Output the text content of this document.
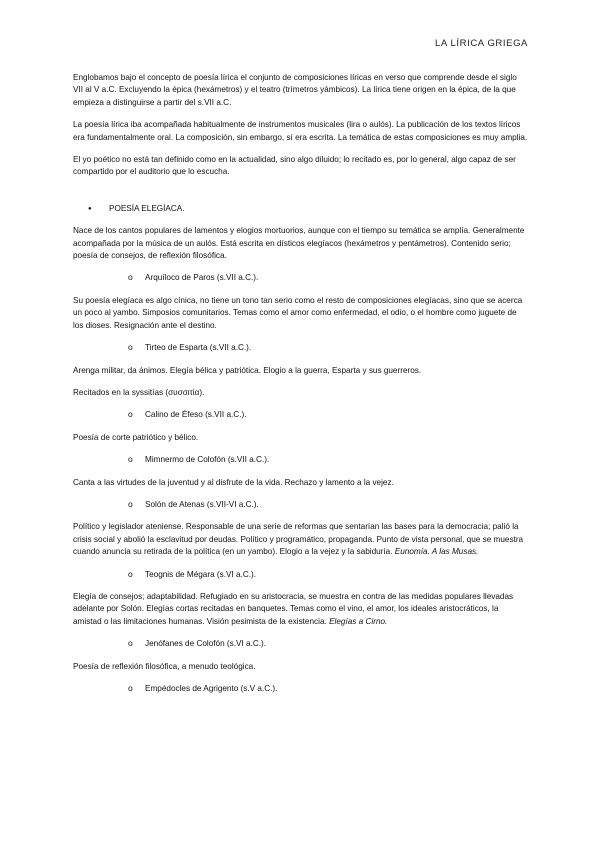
LA LÍRICA GRIEGA

Englobamos bajo el concepto de poesía lírica el conjunto de composiciones líricas en verso que comprende desde el siglo VII al V a.C. Excluyendo la épica (hexámetros) y el teatro (trímetros yámbicos). La lírica tiene origen en la épica, de la que empieza a distinguirse a partir del s.VII a.C.

La poesía lírica iba acompañada habitualmente de instrumentos musicales (lira o aulós). La publicación de los textos líricos era fundamentalmente oral. La composición, sin embargo, sí era escrita. La temática de estas composiciones es muy amplia.

El yo poético no está tan definido como en la actualidad, sino algo diluido; lo recitado es, por lo general, algo capaz de ser compartido por el auditorio que lo escucha.

● POESÍA ELEGÍACA.

Nace de los cantos populares de lamentos y elogios mortuorios, aunque con el tiempo su temática se amplía. Generalmente acompañada por la música de un aulós. Está escrita en dísticos elegíacos (hexámetros y pentámetros). Contenido serio; poesía de consejos, de reflexión filosófica.

o Arquíloco de Paros (s.VII a.C.).

Su poesía elegíaca es algo cínica, no tiene un tono tan serio como el resto de composiciones elegíacas, sino que se acerca un poco al yambo. Simposios comunitarios. Temas como el amor como enfermedad, el odio, o el hombre como juguete de los dioses. Resignación ante el destino.

o Tirteo de Esparta (s.VII a.C.).

Arenga militar, da ánimos. Elegía bélica y patriótica. Elogio a la guerra, Esparta y sus guerreros.

Recitados en la syssitías (συσσιτία).

o Calino de Éfeso (s.VII a.C.).

Poesía de corte patriótico y bélico.

o Mimnermo de Colofón (s.VII a.C.).

Canta a las virtudes de la juventud y al disfrute de la vida. Rechazo y lamento a la vejez.

o Solón de Atenas (s.VII-VI a.C.).

Político y legislador ateniense. Responsable de una serie de reformas que sentarían las bases para la democracia; palió la crisis social y abolió la esclavitud por deudas. Político y programático, propaganda. Punto de vista personal, que se muestra cuando anuncia su retirada de la política (en un yambo). Elogio a la vejez y la sabiduría. Eunomía. A las Musas.

o Teognis de Mégara (s.VI a.C.).

Elegía de consejos; adaptabilidad. Refugiado en su aristocracia, se muestra en contra de las medidas populares llevadas adelante por Solón. Elegías cortas recitadas en banquetes. Temas como el vino, el amor, los ideales aristocráticos, la amistad o las limitaciones humanas. Visión pesimista de la existencia. Elegías a Cirno.

o Jenófanes de Colofón (s.VI a.C.).

Poesía de reflexión filosófica, a menudo teológica.

o Empédocles de Agrigento (s.V a.C.).
